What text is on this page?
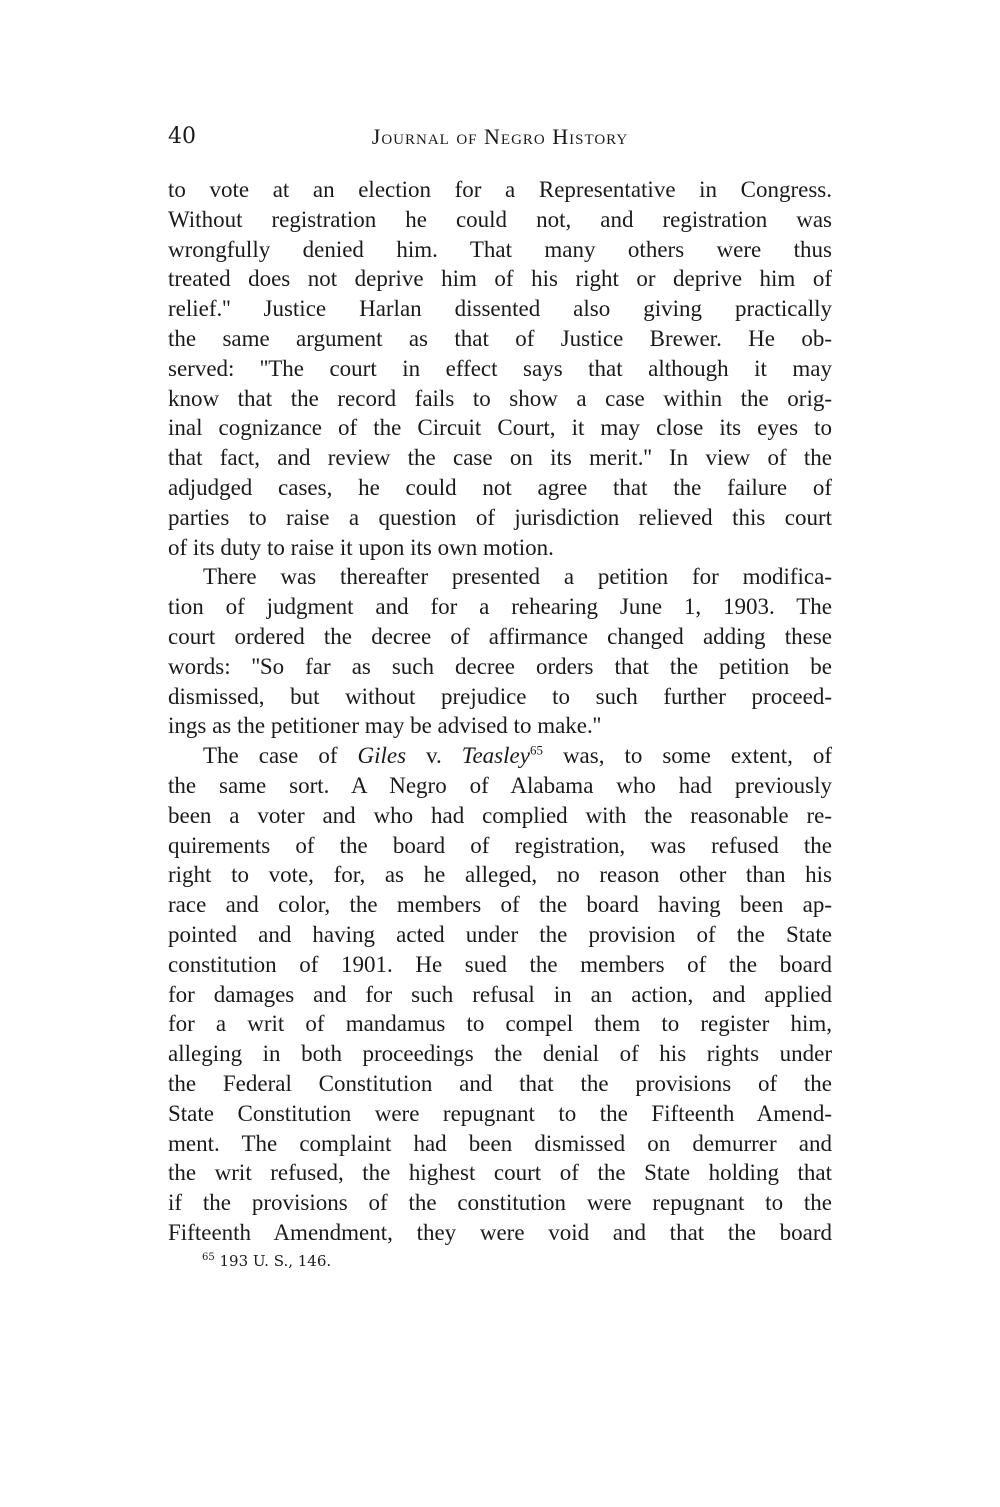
40	Journal of Negro History
to vote at an election for a Representative in Congress.
Without registration he could not, and registration was
wrongfully denied him. That many others were thus
treated does not deprive him of his right or deprive him of
relief.'' Justice Harlan dissented also giving practically
the same argument as that of Justice Brewer. He ob-
served: ''The court in effect says that although it may
know that the record fails to show a case within the orig-
inal cognizance of the Circuit Court, it may close its eyes to
that fact, and review the case on its merit.'' In view of the
adjudged cases, he could not agree that the failure of
parties to raise a question of jurisdiction relieved this court
of its duty to raise it upon its own motion.
There was thereafter presented a petition for modifica-
tion of judgment and for a rehearing June 1, 1903. The
court ordered the decree of affirmance changed adding these
words: ''So far as such decree orders that the petition be
dismissed, but without prejudice to such further proceed-
ings as the petitioner may be advised to make.''
The case of Giles v. Teasley$^{65}$ was, to some extent, of
the same sort. A Negro of Alabama who had previously
been a voter and who had complied with the reasonable re-
quirements of the board of registration, was refused the
right to vote, for, as he alleged, no reason other than his
race and color, the members of the board having been ap-
pointed and having acted under the provision of the State
constitution of 1901. He sued the members of the board
for damages and for such refusal in an action, and applied
for a writ of mandamus to compel them to register him,
alleging in both proceedings the denial of his rights under
the Federal Constitution and that the provisions of the
State Constitution were repugnant to the Fifteenth Amend-
ment. The complaint had been dismissed on demurrer and
the writ refused, the highest court of the State holding that
if the provisions of the constitution were repugnant to the
Fifteenth Amendment, they were void and that the board
$^{65}$ 193 U. S., 146.
